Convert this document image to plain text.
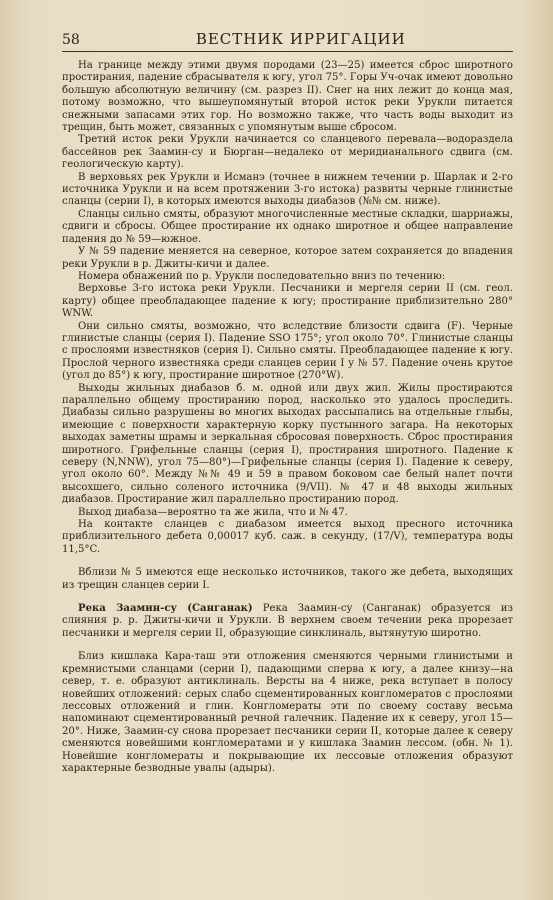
58	ВЕСТНИК ИРРИГАЦИИ

На границе между этими двумя породами (23—25) имеется сброс широтного простирания, падение сбрасывателя к югу, угол 75°. Горы Уч-очак имеют довольно большую абсолютную величину (см. разрез II). Снег на них лежит до конца мая, потому возможно, что вышеупомянутый второй исток реки Урукли питается снежными запасами этих гор. Но возможно также, что часть воды выходит из трещин, быть может, связанных с упомянутым выше сбросом.

Третий исток реки Урукли начинается со сланцевого перевала—водораздела бассейнов рек Заамин-су и Бюрган—недалеко от меридианального сдвига (см. геологическую карту).

В верховьях рек Урукли и Исманэ (точнее в нижнем течении р. Шарлак и 2-го источника Урукли и на всем протяжении 3-го истока) развиты черные глинистые сланцы (серии I), в которых имеются выходы диабазов (№№ см. ниже).

Сланцы сильно смяты, образуют многочисленные местные складки, шарриажы, сдвиги и сбросы. Общее простирание их однако широтное и общее направление падения до № 59—южное.

У № 59 падение меняется на северное, которое затем сохраняется до впадения реки Урукли в р. Джиты-кичи и далее.

Номера обнажений по р. Урукли последовательно вниз по течению:

Верховье 3-го истока реки Урукли. Песчаники и мергеля серии II (см. геол. карту) общее преобладающее падение к югу; простирание приблизительно 280° WNW.

Они сильно смяты, возможно, что вследствие близости сдвига (F). Черные глинистые сланцы (серия I). Падение SSO 175°; угол около 70°. Глинистые сланцы с прослоями известняков (серия I). Сильно смяты. Преобладающее падение к югу. Прослой черного известняка среди сланцев серии I у № 57. Падение очень крутое (угол до 85°) к югу, простирание широтное (270°W).

Выходы жильных диабазов б. м. одной или двух жил. Жилы простираются параллельно общему простиранию пород, насколько это удалось проследить. Диабазы сильно разрушены во многих выходах рассыпались на отдельные глыбы, имеющие с поверхности характерную корку пустынного загара. На некоторых выходах заметны шрамы и зеркальная сбросовая поверхность. Сброс простирания широтного. Грифельные сланцы (серия I), простирания широтного. Падение к северу (N,NNW), угол 75—80°)—Грифельные сланцы (серия I). Падение к северу, угол около 60°. Между №№ 49 и 59 в правом боковом сае белый налет почти высохшего, сильно соленого источника (9/VII). № 47 и 48 выходы жильных диабазов. Простирание жил параллельно простиранию пород.

Выход диабаза—вероятно та же жила, что и № 47.

На контакте сланцев с диабазом имеется выход пресного источника приблизительного дебета 0,00017 куб. саж. в секунду, (17/V), температура воды 11,5°C.

Вблизи № 5 имеются еще несколько источников, такого же дебета, выходящих из трещин сланцев серии I.

Река Заамин-су (Санганак) Река Заамин-су (Санганак) образуется из слияния р. р. Джиты-кичи и Урукли. В верхнем своем течении река прорезает песчаники и мергеля серии II, образующие синклиналь, вытянутую широтно.

Близ кишлака Кара-таш эти отложения сменяются черными глинистыми и кремнистыми сланцами (серии I), падающими сперва к югу, а далее книзу—на север, т. е. образуют антиклиналь. Версты на 4 ниже, река вступает в полосу новейших отложений: серых слабо сцементированных конгломератов с прослоями лессовых отложений и глин. Конгломераты эти по своему составу весьма напоминают сцементированный речной галечник. Падение их к северу, угол 15—20°. Ниже, Заамин-су снова прорезает песчаники серии II, которые далее к северу сменяются новейшими конгломератами и у кишлака Заамин лессом. (обн. № 1). Новейшие конгломераты и покрывающие их лессовые отложения образуют характерные безводные увалы (адыры).
